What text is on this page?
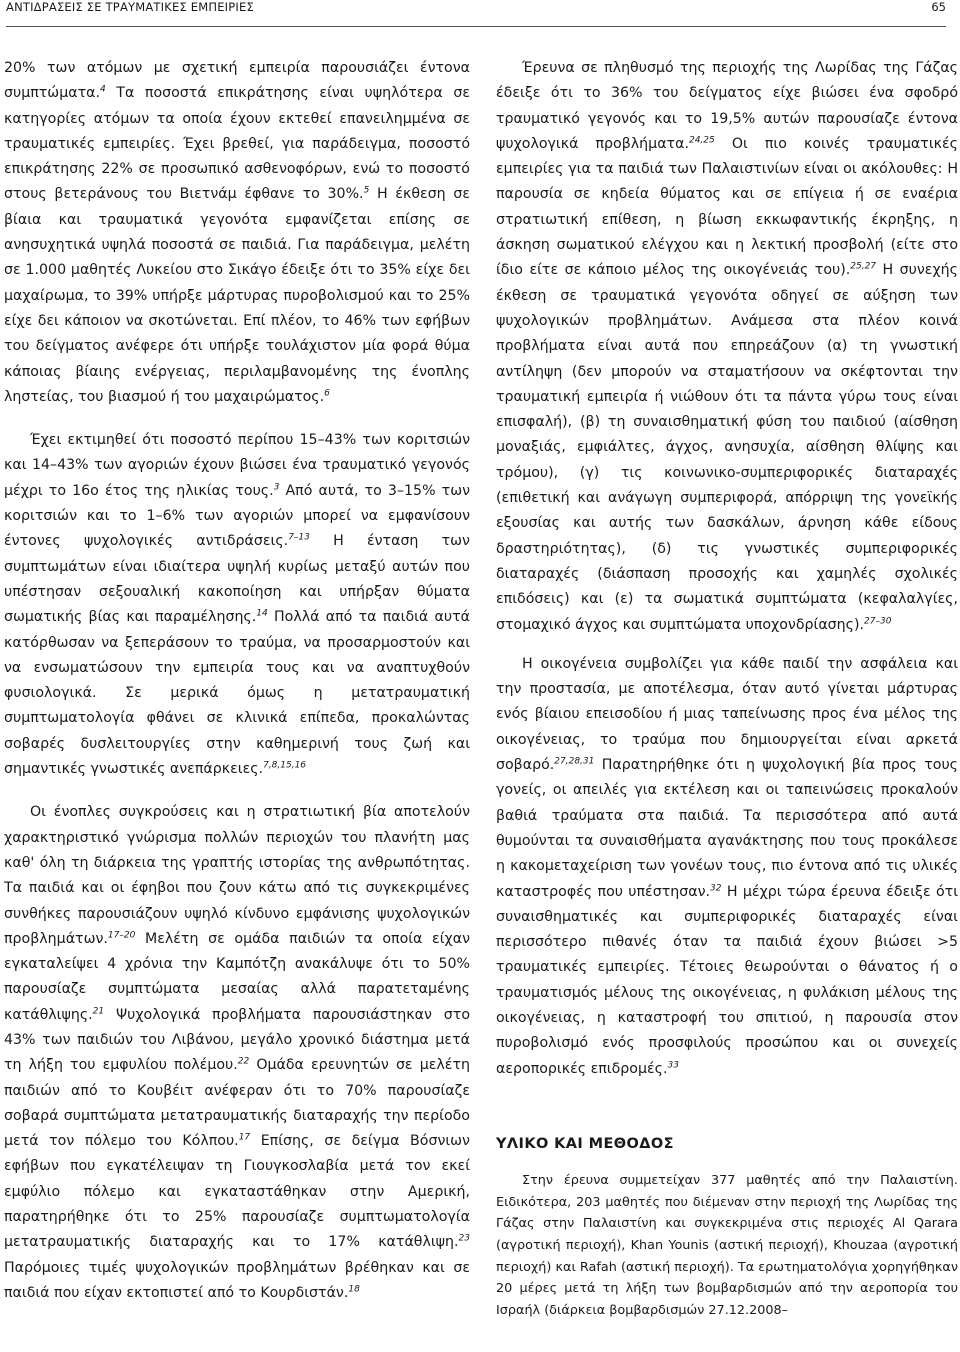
ΑΝΤΙΔΡΑΣΕΙΣ ΣΕ ΤΡΑΥΜΑΤΙΚΕΣ ΕΜΠΕΙΡΙΕΣ	65

20% των ατόμων με σχετική εμπειρία παρουσιάζει έντονα συμπτώματα.$^4$ Τα ποσοστά επικράτησης είναι υψηλότερα σε κατηγορίες ατόμων τα οποία έχουν εκτεθεί επανειλημμένα σε τραυματικές εμπειρίες. Έχει βρεθεί, για παράδειγμα, ποσοστό επικράτησης 22% σε προσωπικό ασθενοφόρων, ενώ το ποσοστό στους βετεράνους του Βιετνάμ έφθανε το 30%.$^5$ Η έκθεση σε βίαια και τραυματικά γεγονότα εμφανίζεται επίσης σε ανησυχητικά υψηλά ποσοστά σε παιδιά. Για παράδειγμα, μελέτη σε 1.000 μαθητές Λυκείου στο Σικάγο έδειξε ότι το 35% είχε δει μαχαίρωμα, το 39% υπήρξε μάρτυρας πυροβολισμού και το 25% είχε δει κάποιον να σκοτώνεται. Επί πλέον, το 46% των εφήβων του δείγματος ανέφερε ότι υπήρξε τουλάχιστον μία φορά θύμα κάποιας βίαιης ενέργειας, περιλαμβανομένης της ένοπλης ληστείας, του βιασμού ή του μαχαιρώματος.$^6$

Έχει εκτιμηθεί ότι ποσοστό περίπου 15–43% των κοριτσιών και 14–43% των αγοριών έχουν βιώσει ένα τραυματικό γεγονός μέχρι το 16ο έτος της ηλικίας τους.$^3$ Από αυτά, το 3–15% των κοριτσιών και το 1–6% των αγοριών μπορεί να εμφανίσουν έντονες ψυχολογικές αντιδράσεις.$^{7-13}$ Η ένταση των συμπτωμάτων είναι ιδιαίτερα υψηλή κυρίως μεταξύ αυτών που υπέστησαν σεξουαλική κακοποίηση και υπήρξαν θύματα σωματικής βίας και παραμέλησης.$^{14}$ Πολλά από τα παιδιά αυτά κατόρθωσαν να ξεπεράσουν το τραύμα, να προσαρμοστούν και να ενσωματώσουν την εμπειρία τους και να αναπτυχθούν φυσιολογικά. Σε μερικά όμως η μετατραυματική συμπτωματολογία φθάνει σε κλινικά επίπεδα, προκαλώντας σοβαρές δυσλειτουργίες στην καθημερινή τους ζωή και σημαντικές γνωστικές ανεπάρκειες.$^{7,8,15,16}$

Οι ένοπλες συγκρούσεις και η στρατιωτική βία αποτελούν χαρακτηριστικό γνώρισμα πολλών περιοχών του πλανήτη μας καθ' όλη τη διάρκεια της γραπτής ιστορίας της ανθρωπότητας. Τα παιδιά και οι έφηβοι που ζουν κάτω από τις συγκεκριμένες συνθήκες παρουσιάζουν υψηλό κίνδυνο εμφάνισης ψυχολογικών προβλημάτων.$^{17-20}$ Μελέτη σε ομάδα παιδιών τα οποία είχαν εγκαταλείψει 4 χρόνια την Καμπότζη ανακάλυψε ότι το 50% παρουσίαζε συμπτώματα μεσαίας αλλά παρατεταμένης κατάθλιψης.$^{21}$ Ψυχολογικά προβλήματα παρουσιάστηκαν στο 43% των παιδιών του Λιβάνου, μεγάλο χρονικό διάστημα μετά τη λήξη του εμφυλίου πολέμου.$^{22}$ Ομάδα ερευνητών σε μελέτη παιδιών από το Κουβέιτ ανέφεραν ότι το 70% παρουσίαζε σοβαρά συμπτώματα μετατραυματικής διαταραχής την περίοδο μετά τον πόλεμο του Κόλπου.$^{17}$ Επίσης, σε δείγμα Βόσνιων εφήβων που εγκατέλειψαν τη Γιουγκοσλαβία μετά τον εκεί εμφύλιο πόλεμο και εγκαταστάθηκαν στην Αμερική, παρατηρήθηκε ότι το 25% παρουσίαζε συμπτωματολογία μετατραυματικής διαταραχής και το 17% κατάθλιψη.$^{23}$ Παρόμοιες τιμές ψυχολογικών προβλημάτων βρέθηκαν και σε παιδιά που είχαν εκτοπιστεί από το Κουρδιστάν.$^{18}$

Έρευνα σε πληθυσμό της περιοχής της Λωρίδας της Γάζας έδειξε ότι το 36% του δείγματος είχε βιώσει ένα σφοδρό τραυματικό γεγονός και το 19,5% αυτών παρουσίαζε έντονα ψυχολογικά προβλήματα.$^{24,25}$ Οι πιο κοινές τραυματικές εμπειρίες για τα παιδιά των Παλαιστινίων είναι οι ακόλουθες: Η παρουσία σε κηδεία θύματος και σε επίγεια ή σε εναέρια στρατιωτική επίθεση, η βίωση εκκωφαντικής έκρηξης, η άσκηση σωματικού ελέγχου και η λεκτική προσβολή (είτε στο ίδιο είτε σε κάποιο μέλος της οικογένειάς του).$^{25,27}$ Η συνεχής έκθεση σε τραυματικά γεγονότα οδηγεί σε αύξηση των ψυχολογικών προβλημάτων. Ανάμεσα στα πλέον κοινά προβλήματα είναι αυτά που επηρεάζουν (α) τη γνωστική αντίληψη (δεν μπορούν να σταματήσουν να σκέφτονται την τραυματική εμπειρία ή νιώθουν ότι τα πάντα γύρω τους είναι επισφαλή), (β) τη συναισθηματική φύση του παιδιού (αίσθηση μοναξιάς, εμφιάλτες, άγχος, ανησυχία, αίσθηση θλίψης και τρόμου), (γ) τις κοινωνικο-συμπεριφορικές διαταραχές (επιθετική και ανάγωγη συμπεριφορά, απόρριψη της γονεϊκής εξουσίας και αυτής των δασκάλων, άρνηση κάθε είδους δραστηριότητας), (δ) τις γνωστικές συμπεριφορικές διαταραχές (διάσπαση προσοχής και χαμηλές σχολικές επιδόσεις) και (ε) τα σωματικά συμπτώματα (κεφαλαλγίες, στομαχικό άγχος και συμπτώματα υποχονδρίασης).$^{27-30}$

Η οικογένεια συμβολίζει για κάθε παιδί την ασφάλεια και την προστασία, με αποτέλεσμα, όταν αυτό γίνεται μάρτυρας ενός βίαιου επεισοδίου ή μιας ταπείνωσης προς ένα μέλος της οικογένειας, το τραύμα που δημιουργείται είναι αρκετά σοβαρό.$^{27,28,31}$ Παρατηρήθηκε ότι η ψυχολογική βία προς τους γονείς, οι απειλές για εκτέλεση και οι ταπεινώσεις προκαλούν βαθιά τραύματα στα παιδιά. Τα περισσότερα από αυτά θυμούνται τα συναισθήματα αγανάκτησης που τους προκάλεσε η κακομεταχείριση των γονέων τους, πιο έντονα από τις υλικές καταστροφές που υπέστησαν.$^{32}$ Η μέχρι τώρα έρευνα έδειξε ότι συναισθηματικές και συμπεριφορικές διαταραχές είναι περισσότερο πιθανές όταν τα παιδιά έχουν βιώσει >5 τραυματικές εμπειρίες. Τέτοιες θεωρούνται ο θάνατος ή ο τραυματισμός μέλους της οικογένειας, η φυλάκιση μέλους της οικογένειας, η καταστροφή του σπιτιού, η παρουσία στον πυροβολισμό ενός προσφιλούς προσώπου και οι συνεχείς αεροπορικές επιδρομές.$^{33}$

ΥΛΙΚΟ ΚΑΙ ΜΕΘΟΔΟΣ

Στην έρευνα συμμετείχαν 377 μαθητές από την Παλαιστίνη. Ειδικότερα, 203 μαθητές που διέμεναν στην περιοχή της Λωρίδας της Γάζας στην Παλαιστίνη και συγκεκριμένα στις περιοχές Al Qarara (αγροτική περιοχή), Khan Younis (αστική περιοχή), Khouzaa (αγροτική περιοχή) και Rafah (αστική περιοχή). Τα ερωτηματολόγια χορηγήθηκαν 20 μέρες μετά τη λήξη των βομβαρδισμών από την αεροπορία του Ισραήλ (διάρκεια βομβαρδισμών 27.12.2008–
